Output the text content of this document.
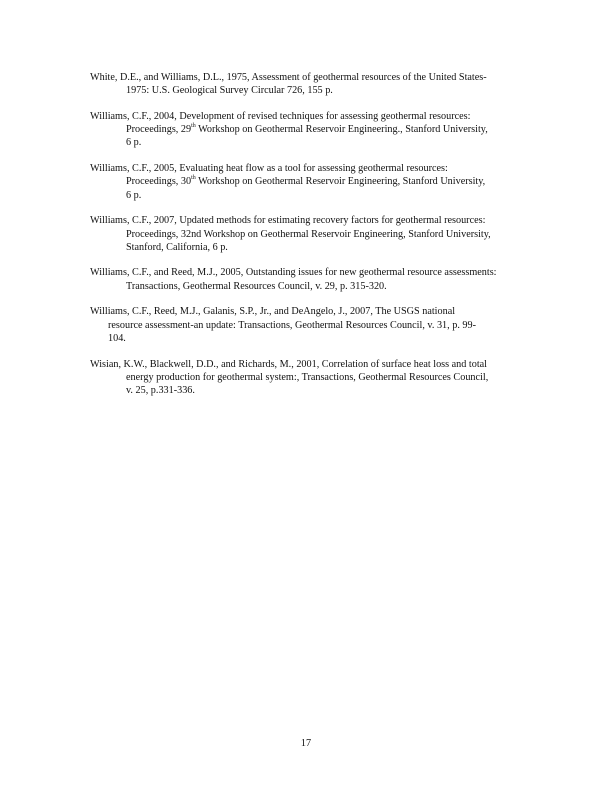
White, D.E., and Williams, D.L., 1975, Assessment of geothermal resources of the United States-
1975: U.S. Geological Survey Circular 726, 155 p.
Williams, C.F., 2004, Development of revised techniques for assessing geothermal resources:
Proceedings, 29th Workshop on Geothermal Reservoir Engineering., Stanford University,
6 p.
Williams, C.F., 2005, Evaluating heat flow as a tool for assessing geothermal resources:
Proceedings, 30th Workshop on Geothermal Reservoir Engineering, Stanford University,
6 p.
Williams, C.F., 2007, Updated methods for estimating recovery factors for geothermal resources:
Proceedings, 32nd Workshop on Geothermal Reservoir Engineering, Stanford University,
Stanford, California, 6 p.
Williams, C.F., and Reed, M.J., 2005, Outstanding issues for new geothermal resource assessments:
Transactions, Geothermal Resources Council, v. 29, p. 315-320.
Williams, C.F., Reed, M.J., Galanis, S.P., Jr., and DeAngelo, J., 2007, The USGS national
resource assessment-an update: Transactions, Geothermal Resources Council, v. 31, p. 99-
104.
Wisian, K.W., Blackwell, D.D., and Richards, M., 2001, Correlation of surface heat loss and total
energy production for geothermal system:, Transactions, Geothermal Resources Council,
v. 25, p.331-336.
17
